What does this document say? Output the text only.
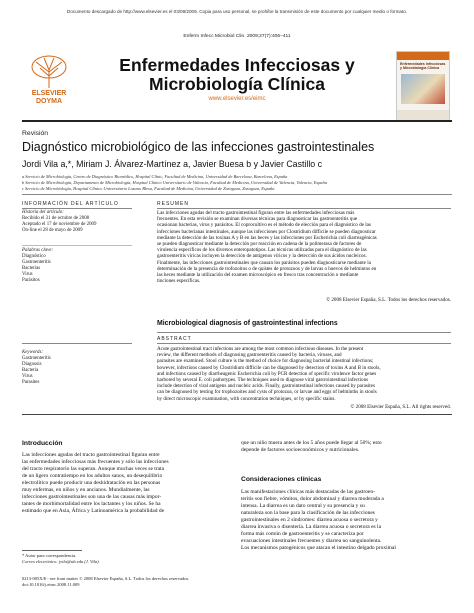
Documento descargado de http://www.elsevier.es el 03/08/2009. Copia para uso personal, se prohíbe la transmisión de este documento por cualquier medio o formato.
Enferm Infecc Microbiol Clin. 2009;27(7):406–411
ELSEVIER
DOYMA
Enfermedades Infecciosas y
Microbiología Clínica
www.elsevier.es/eimc
Enfermedades Infecciosas y Microbiología Clínica
Revisión
Diagnóstico microbiológico de las infecciones gastrointestinales
Jordi Vila a,*, Miriam J. Álvarez-Martínez a, Javier Buesa b y Javier Castillo c
a Servicio de Microbiología, Centro de Diagnóstico Biomédico, Hospital Clínic, Facultad de Medicina, Universidad de Barcelona, Barcelona, España
b Servicio de Microbiología, Departamento de Microbiología, Hospital Clínico Universitario de Valencia, Facultad de Medicina, Universidad de Valencia, Valencia, España
c Servicio de Microbiología, Hospital Clínico Universitario Lozano Blesa, Facultad de Medicina, Universidad de Zaragoza, Zaragoza, España
INFORMACIÓN DEL ARTÍCULO
Historia del artículo:
Recibido el 31 de octubre de 2008
Aceptado el 17 de noviembre de 2009
On-line el 28 de mayo de 2009
Palabras clave:
Diagnóstico
Gastroenteritis
Bacterias
Virus
Parásitos
RESUMEN
Las infecciones agudas del tracto gastrointestinal figuran entre las enfermedades infecciosas más
frecuentes. En esta revisión se examinan diversas técnicas para diagnosticar las gastroenteritis que
ocasionan bacterias, virus y parásitos. El coprocultivo es el método de elección para el diagnóstico de las
infecciones bacterianas intestinales, aunque las infecciones por Clostridium difficile se pueden diagnosticar
mediante la detección de las toxinas A y B en las heces y las infecciones por Escherichia coli diarreagénicas
se pueden diagnosticar mediante la detección por reacción en cadena de la polimerasa de factores de
virulencia específicos de los diversos enteropatotipos. Las técnicas utilizadas para el diagnóstico de las
gastroenteritis víricas incluyen la detección de antígenos víricos y la detección de sus ácidos nucleicos.
Finalmente, las infecciones gastrointestinales que causan los parásitos pueden diagnosticarse mediante la
determinación de la presencia de trofozoítos o de quistes de protozoos y de larvas o huevos de helmintos en
las heces mediante la utilización del examen microscópico en fresco tras concentración o mediante
tinciones específicas.
© 2008 Elsevier España, S.L. Todos los derechos reservados.
Microbiological diagnosis of gastrointestinal infections
ABSTRACT
Keywords:
Gastroenteritis
Diagnosis
Bacteria
Virus
Parasites
Acute gastrointestinal tract infections are among the most common infectious diseases. In the present
review, the different methods of diagnosing gastroenteritis caused by bacteria, viruses, and
parasites are examined. Stool culture is the method of choice for diagnosing bacterial intestinal infections;
however, infections caused by Clostridium difficile can be diagnosed by detection of toxins A and B in stools,
and infections caused by diarrheagenic Escherichia coli by PCR detection of specific virulence factor genes
harbored by several E. coli pathotypes. The techniques used to diagnose viral gastrointestinal infections
include detection of viral antigens and nucleic acids. Finally, gastrointestinal infections caused by parasites
can be diagnosed by testing for trophozoites and cysts of protozoa, or larvae and eggs of helminths in stools
by direct microscopic examination, with concentration techniques, or by specific stains.
© 2008 Elsevier España, S.L. All rights reserved.
Introducción
Las infecciones agudas del tracto gastrointestinal figuran entre
las enfermedades infecciosas más frecuentes y sólo las infecciones
del tracto respiratorio las superan. Aunque muchas veces se trata
de un ligero contratiempo en los adultos sanos, un desequilibrio
electrolítico puede producir una deshidratación en las personas
muy enfermas, en niños y en ancianos. Mundialmente, las
infecciones gastrointestinales son una de las causas más impor-
tantes de morbimortalidad entre los lactantes y los niños. Se ha
estimado que en Asia, África y Latinoamérica la probabilidad de
que un niño muera antes de los 5 años puede llegar al 50%; esto
depende de factores socioeconómicos y nutricionales.
Consideraciones clínicas
Las manifestaciones clínicas más destacadas de las gastroen-
teritis son fiebre, vómitos, dolor abdominal y diarrea moderada a
intensa. La diarrea es un dato central y su presencia y su
naturaleza son la base para la clasificación de las infecciones
gastrointestinales en 2 síndromes: diarrea acuosa o secretora y
diarrea invasiva o disentería. La diarrea acuosa o secretora es la
forma más común de gastroenteritis y se caracteriza por
evacuaciones intestinales frecuentes y diarrea no sanguinolenta.
Los mecanismos patogénicos que atacan el intestino delgado proximal
* Autor para correspondencia.
Correo electrónico: jvila@ub.edu (J. Vila).
0213-005X/$ - see front matter © 2008 Elsevier España, S.L. Todos los derechos reservados.
doi:10.1016/j.eimc.2008.11.009
